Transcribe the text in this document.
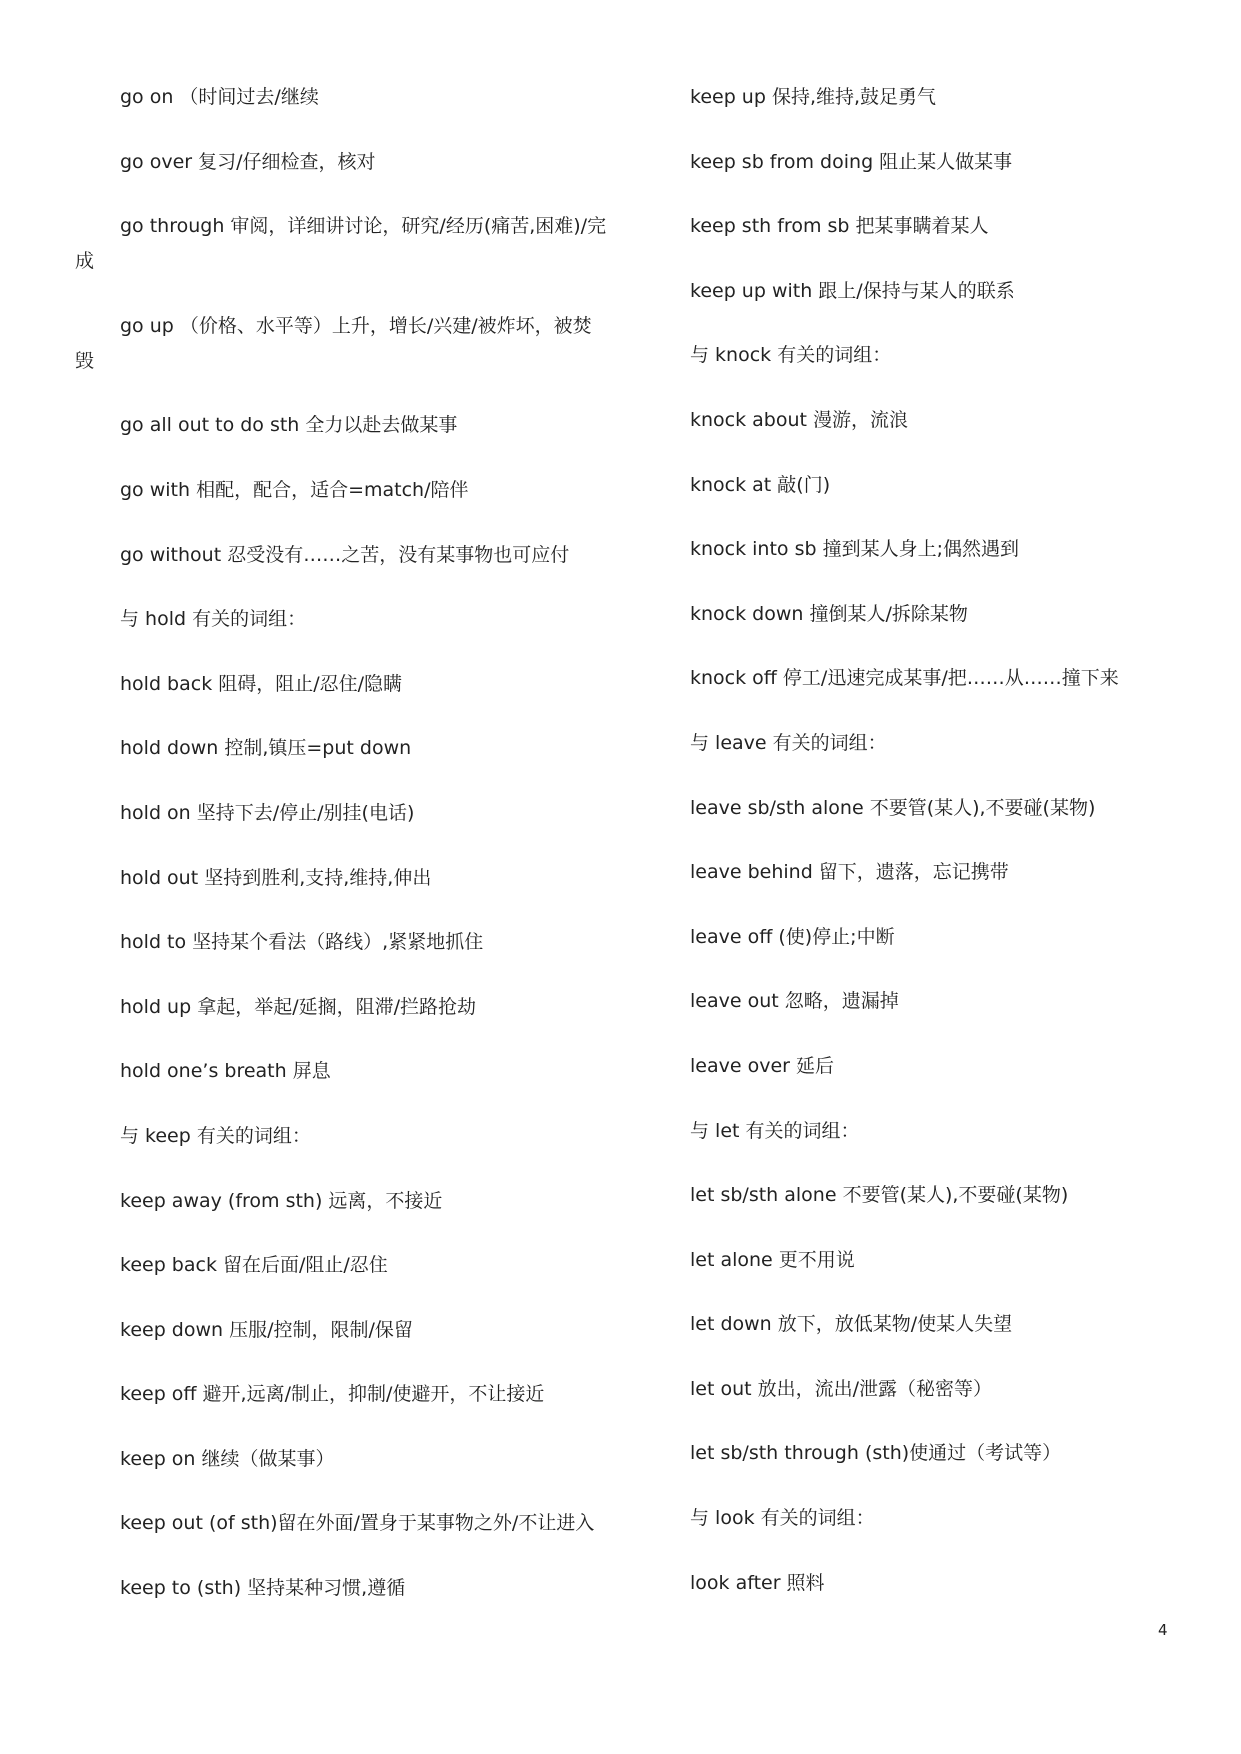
go on （时间过去/继续
go over 复习/仔细检查，核对
go through 审阅，详细讲讨论，研究/经历(痛苦,困难)/完
成
go up （价格、水平等）上升，增长/兴建/被炸坏，被焚
毁
go all out to do sth 全力以赴去做某事
go with 相配，配合，适合=match/陪伴
go without 忍受没有……之苦，没有某事物也可应付
与 hold 有关的词组：
hold back 阻碍，阻止/忍住/隐瞒
hold down 控制,镇压=put down
hold on 坚持下去/停止/别挂(电话)
hold out 坚持到胜利,支持,维持,伸出
hold to 坚持某个看法（路线）,紧紧地抓住
hold up 拿起，举起/延搁，阻滞/拦路抢劫
hold one’s breath 屏息
与 keep 有关的词组：
keep away (from sth) 远离，不接近
keep back 留在后面/阻止/忍住
keep down 压服/控制，限制/保留
keep off 避开,远离/制止，抑制/使避开，不让接近
keep on 继续（做某事）
keep out (of sth)留在外面/置身于某事物之外/不让进入
keep to (sth) 坚持某种习惯,遵循
keep up 保持,维持,鼓足勇气
keep sb from doing 阻止某人做某事
keep sth from sb 把某事瞒着某人
keep up with 跟上/保持与某人的联系
与 knock 有关的词组：
knock about 漫游，流浪
knock at 敲(门)
knock into sb 撞到某人身上;偶然遇到
knock down 撞倒某人/拆除某物
knock off 停工/迅速完成某事/把……从……撞下来
与 leave 有关的词组：
leave sb/sth alone 不要管(某人),不要碰(某物)
leave behind 留下，遗落，忘记携带
leave off (使)停止;中断
leave out 忽略，遗漏掉
leave over 延后
与 let 有关的词组：
let sb/sth alone 不要管(某人),不要碰(某物)
let alone 更不用说
let down 放下，放低某物/使某人失望
let out 放出，流出/泄露（秘密等）
let sb/sth through (sth)使通过（考试等）
与 look 有关的词组：
look after 照料
4
